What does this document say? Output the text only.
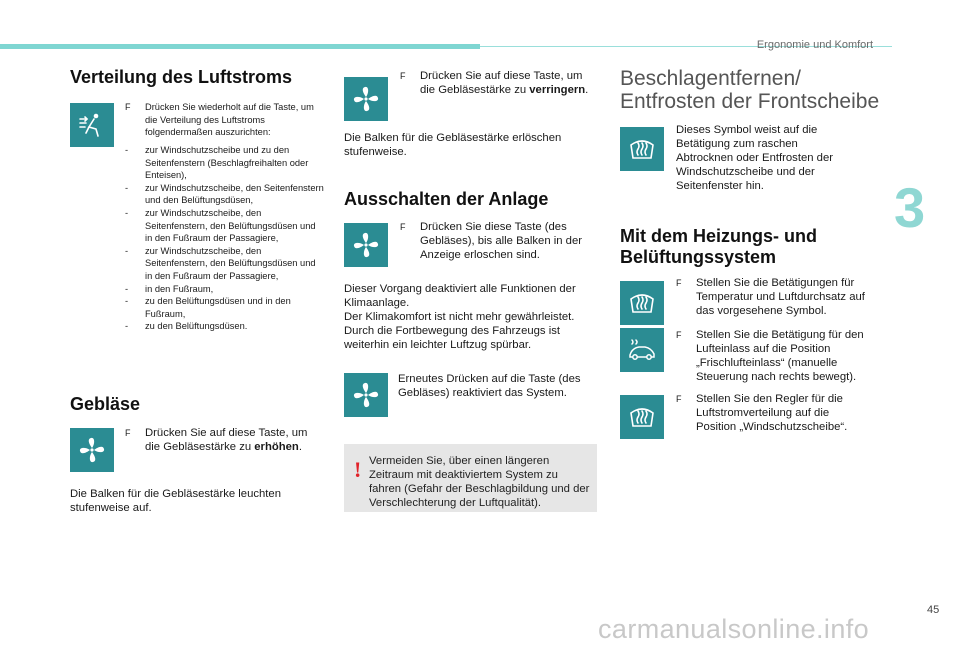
Ergonomie und Komfort
3
Verteilung des Luftstroms
F Drücken Sie wiederholt auf die Taste, um die Verteilung des Luftstroms folgendermaßen auszurichten:
- zur Windschutzscheibe und zu den Seitenfenstern (Beschlagfreihalten oder Enteisen),
- zur Windschutzscheibe, den Seitenfenstern und den Belüftungsdüsen,
- zur Windschutzscheibe, den Seitenfenstern, den Belüftungsdüsen und in den Fußraum der Passagiere,
- zur Windschutzscheibe, den Seitenfenstern, den Belüftungsdüsen und in den Fußraum der Passagiere,
- in den Fußraum,
- zu den Belüftungsdüsen und in den Fußraum,
- zu den Belüftungsdüsen.
Gebläse
F Drücken Sie auf diese Taste, um die Gebläsestärke zu erhöhen.
Die Balken für die Gebläsestärke leuchten stufenweise auf.
F Drücken Sie auf diese Taste, um die Gebläsestärke zu verringern.
Die Balken für die Gebläsestärke erlöschen stufenweise.
Ausschalten der Anlage
F Drücken Sie diese Taste (des Gebläses), bis alle Balken in der Anzeige erloschen sind.
Dieser Vorgang deaktiviert alle Funktionen der Klimaanlage.
Der Klimakomfort ist nicht mehr gewährleistet.
Durch die Fortbewegung des Fahrzeugs ist weiterhin ein leichter Luftzug spürbar.
Erneutes Drücken auf die Taste (des Gebläses) reaktiviert das System.
! Vermeiden Sie, über einen längeren Zeitraum mit deaktiviertem System zu fahren (Gefahr der Beschlagbildung und der Verschlechterung der Luftqualität).
Beschlagentfernen/ Entfrosten der Frontscheibe
Dieses Symbol weist auf die Betätigung zum raschen Abtrocknen oder Entfrosten der Windschutzscheibe und der Seitenfenster hin.
Mit dem Heizungs- und Belüftungssystem
F Stellen Sie die Betätigungen für Temperatur und Luftdurchsatz auf das vorgesehene Symbol.
F Stellen Sie die Betätigung für den Lufteinlass auf die Position „Frischlufteinlass“ (manuelle Steuerung nach rechts bewegt).
F Stellen Sie den Regler für die Luftstromverteilung auf die Position „Windschutzscheibe“.
45
carmanualsonline.info
